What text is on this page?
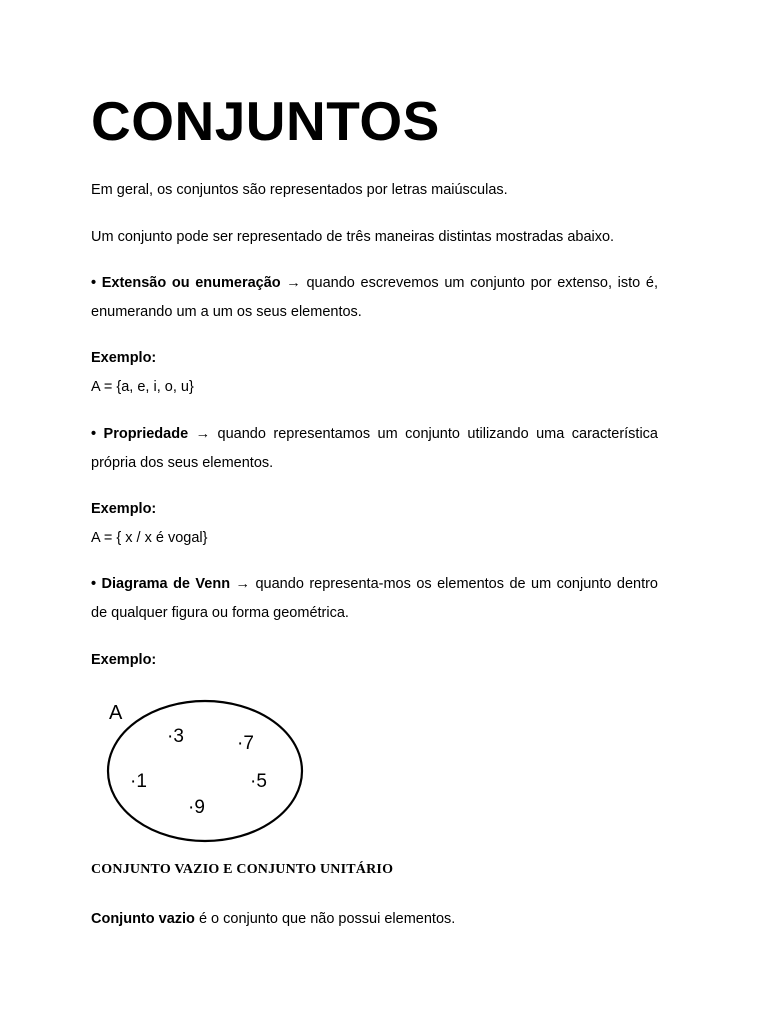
CONJUNTOS

Em geral, os conjuntos são representados por letras maiúsculas.

Um conjunto pode ser representado de três maneiras distintas mostradas abaixo.

• Extensão ou enumeração → quando escrevemos um conjunto por extenso, isto é, enumerando um a um os seus elementos.

Exemplo:

A = {a, e, i, o, u}

• Propriedade → quando representamos um conjunto utilizando uma característica própria dos seus elementos.

Exemplo:

A = { x / x é vogal}

• Diagrama de Venn → quando representa-mos os elementos de um conjunto dentro de qualquer figura ou forma geométrica.

Exemplo:

A
·3	·7
·1	·5
·9

CONJUNTO VAZIO E CONJUNTO UNITÁRIO

Conjunto vazio é o conjunto que não possui elementos.
